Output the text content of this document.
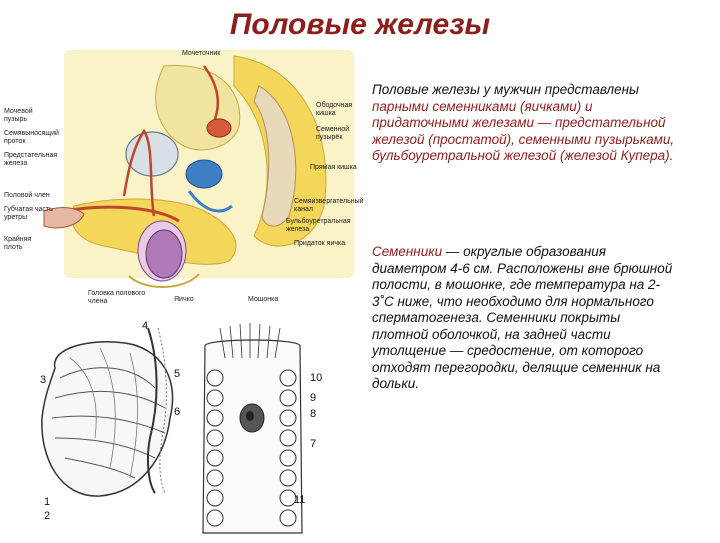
Половые железы
Мочеточник
Мочевой пузырь
Семявыносящий проток
Предстательная железа
Половой член
Губчатая часть уретры
Крайняя плоть
Ободочная кишка
Семенной пузырёк
Прямая кишка
Семяизвергательный канал
Бульбоуретральная железа
Придаток яичка
Головка полового члена	Яичко	Мошонка
1
2
3
4
5
6
7
8
9
10
11
Половые железы у мужчин представлены парными семенниками (яичками) и придаточными железами — предстательной железой (простатой), семенными пузырьками, бульбоуретральной железой (железой Купера).
Семенники — округлые образования диаметром 4-6 см. Расположены вне брюшной полости, в мошонке, где температура на 2-3˚С ниже, что необходимо для нормального сперматогенеза. Семенники покрыты плотной оболочкой, на задней части утолщение — средостение, от которого отходят перегородки, делящие семенник на дольки.
